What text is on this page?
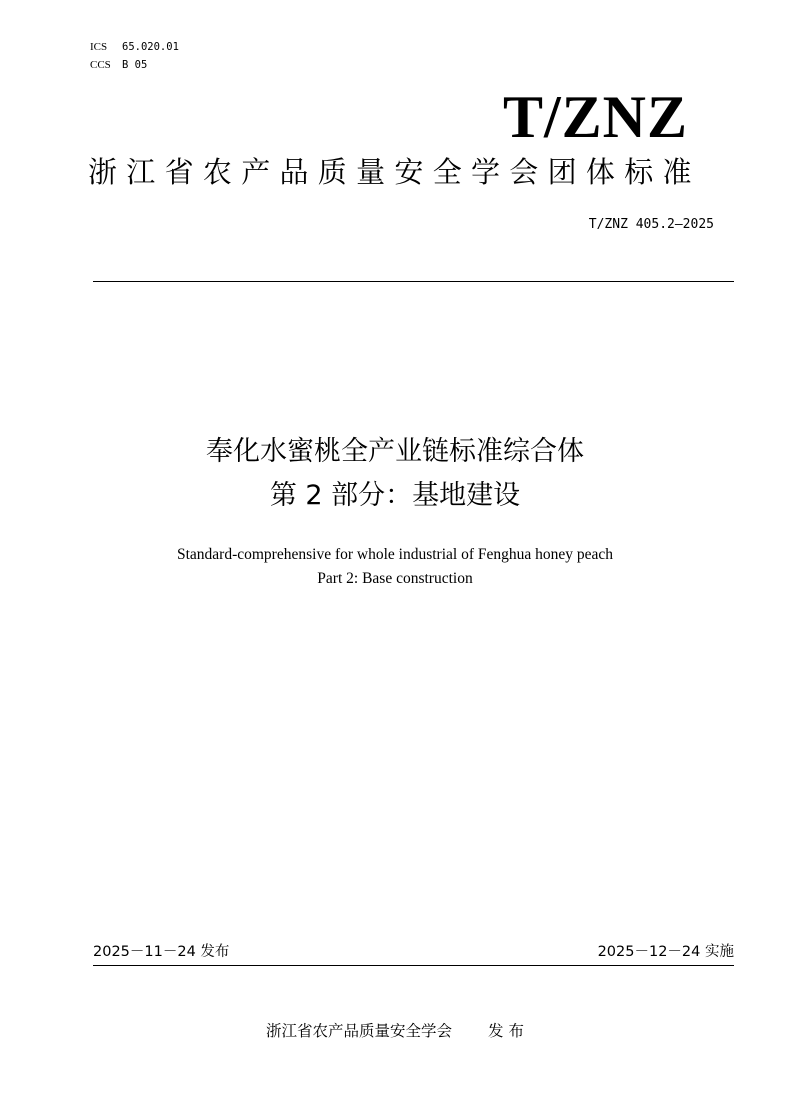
ICS 65.020.01
CCS B 05
T/ZNZ
浙江省农产品质量安全学会团体标准
T/ZNZ 405.2—2025
奉化水蜜桃全产业链标准综合体
第 2 部分：基地建设
Standard-comprehensive for whole industrial of Fenghua honey peach
Part 2: Base construction
2025－11－24 发布	2025－12－24 实施
浙江省农产品质量安全学会 发 布
